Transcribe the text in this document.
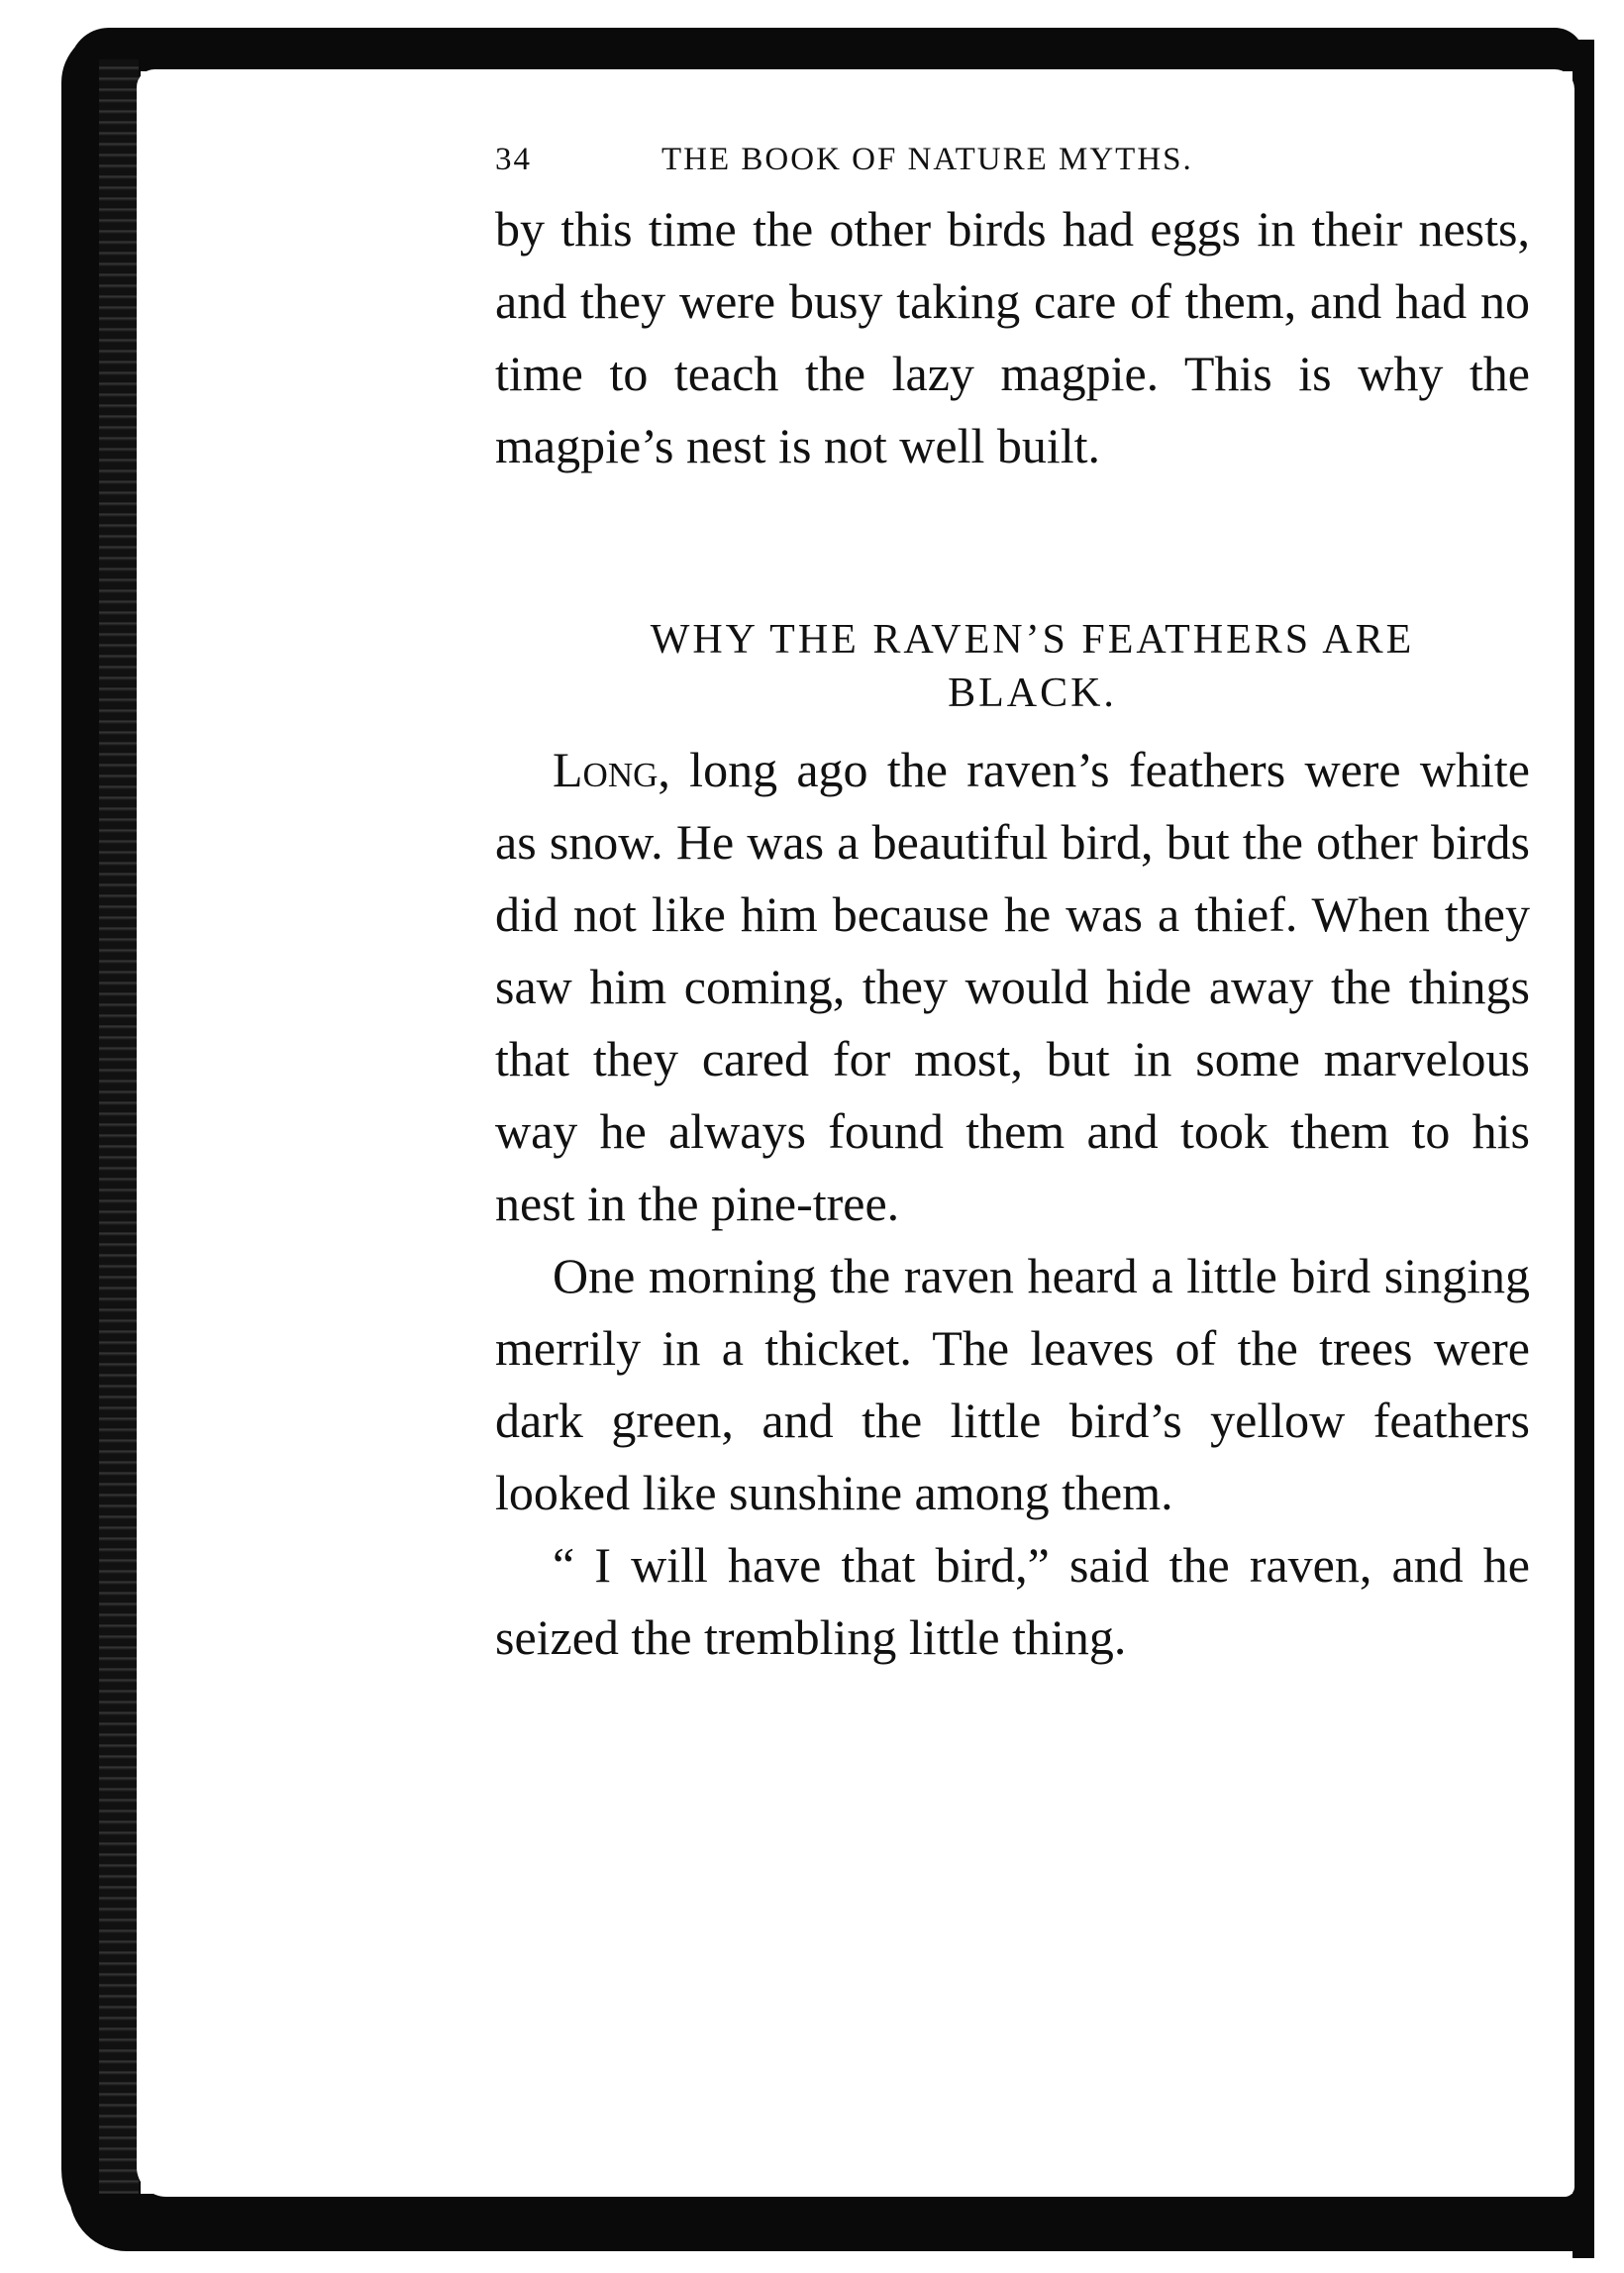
34	THE BOOK OF NATURE MYTHS.

by this time the other birds had eggs in their nests, and they were busy taking care of them, and had no time to teach the lazy magpie. This is why the magpie’s nest is not well built.

WHY THE RAVEN’S FEATHERS ARE

BLACK.

Long, long ago the raven’s feathers were white as snow. He was a beautiful bird, but the other birds did not like him because he was a thief. When they saw him coming, they would hide away the things that they cared for most, but in some marvelous way he always found them and took them to his nest in the pine-tree.

One morning the raven heard a little bird singing merrily in a thicket. The leaves of the trees were dark green, and the little bird’s yellow feathers looked like sunshine among them.

“ I will have that bird,” said the raven, and he seized the trembling little thing.
